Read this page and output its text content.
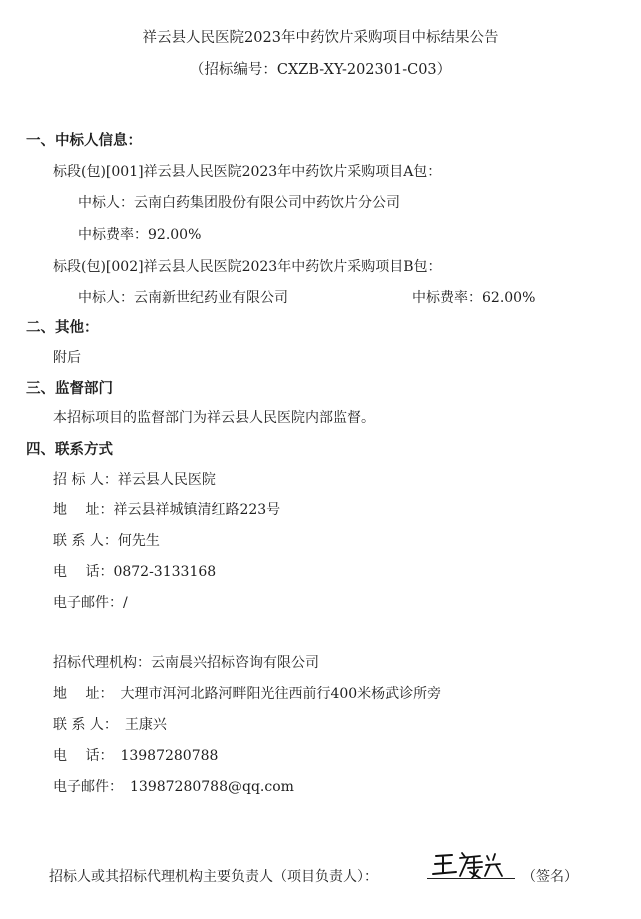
祥云县人民医院2023年中药饮片采购项目中标结果公告
（招标编号：CXZB-XY-202301-C03）
一、中标人信息：
标段(包)[001]祥云县人民医院2023年中药饮片采购项目A包：
中标人：云南白药集团股份有限公司中药饮片分公司
中标费率：92.00%
标段(包)[002]祥云县人民医院2023年中药饮片采购项目B包：
中标人：云南新世纪药业有限公司	中标费率：62.00%
二、其他：
附后
三、监督部门
本招标项目的监督部门为祥云县人民医院内部监督。
四、联系方式
招 标 人：祥云县人民医院
地　 址：祥云县祥城镇清红路223号
联 系 人：何先生
电　 话：0872-3133168
电子邮件：/
招标代理机构：云南晨兴招标咨询有限公司
地　 址：　大理市洱河北路河畔阳光往西前行400米杨武诊所旁
联 系 人：　王康兴
电　 话：　13987280788
电子邮件：　13987280788@qq.com
招标人或其招标代理机构主要负责人（项目负责人）：	（签名）
